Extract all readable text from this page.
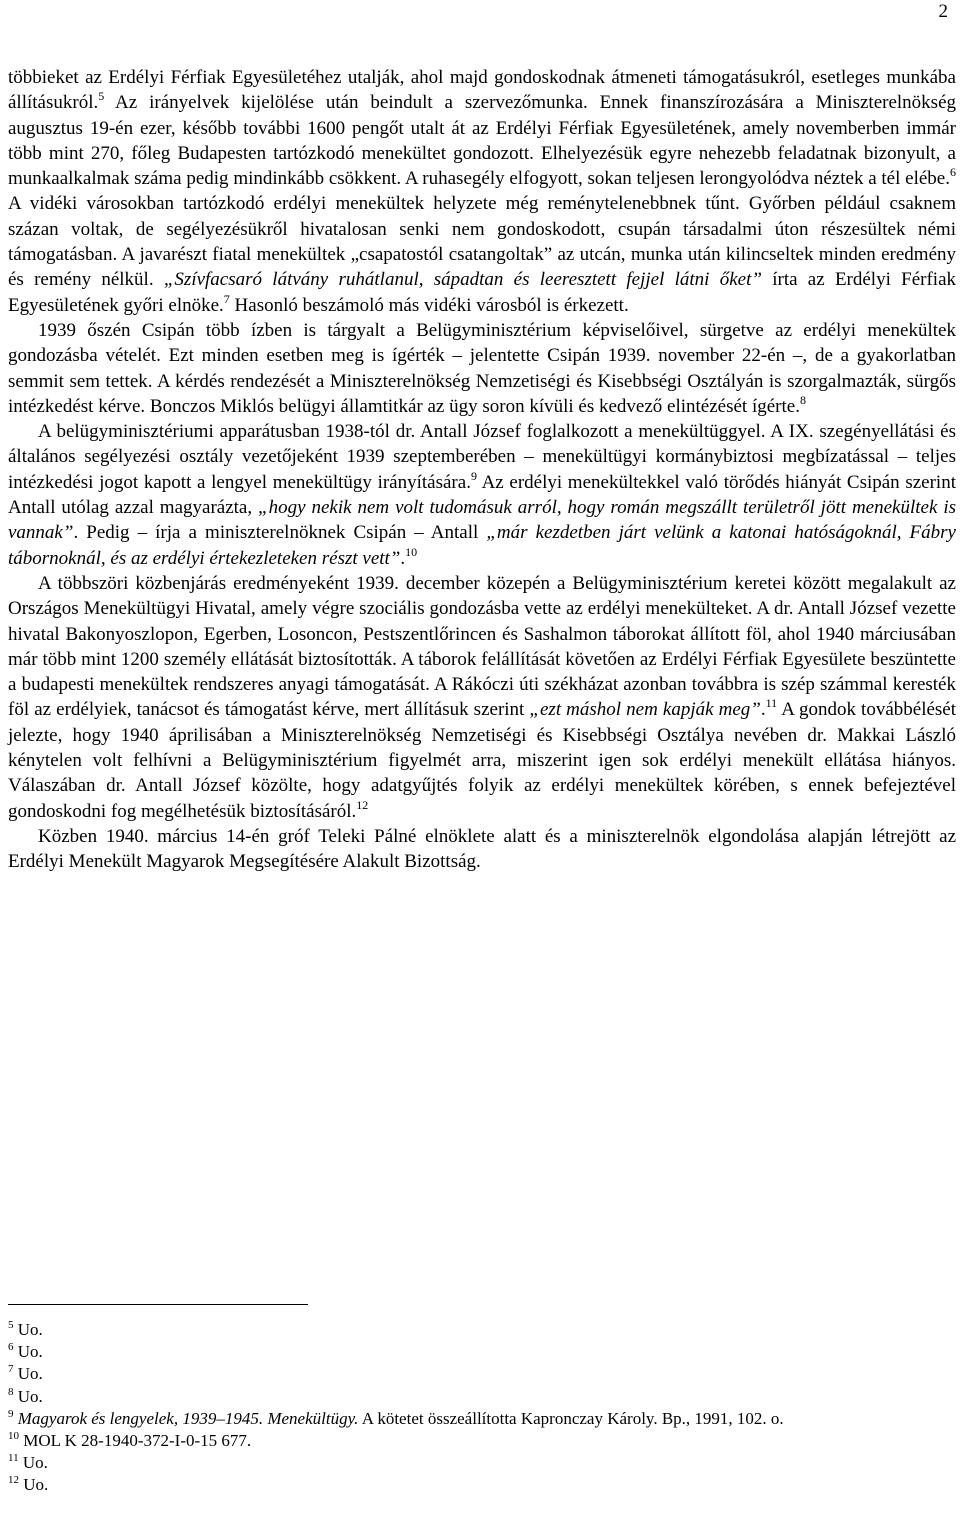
2

többieket az Erdélyi Férfiak Egyesületéhez utalják, ahol majd gondoskodnak átmeneti támogatásukról, esetleges munkába állításukról.$^5$ Az irányelvek kijelölése után beindult a szervezőmunka. Ennek finanszírozására a Miniszterelnökség augusztus 19-én ezer, később további 1600 pengőt utalt át az Erdélyi Férfiak Egyesületének, amely novemberben immár több mint 270, főleg Budapesten tartózkodó menekültet gondozott. Elhelyezésük egyre nehezebb feladatnak bizonyult, a munkaalkalmak száma pedig mindinkább csökkent. A ruhasegély elfogyott, sokan teljesen lerongyolódva néztek a tél elébe.$^6$ A vidéki városokban tartózkodó erdélyi menekültek helyzete még reménytelenebbnek tűnt. Győrben például csaknem százan voltak, de segélyezésükről hivatalosan senki nem gondoskodott, csupán társadalmi úton részesültek némi támogatásban. A javarészt fiatal menekültek „csapatostól csatangoltak” az utcán, munka után kilincseltek minden eredmény és remény nélkül. „Szívfacsaró látvány ruhátlanul, sápadtan és leeresztett fejjel látni őket” írta az Erdélyi Férfiak Egyesületének győri elnöke.$^7$ Hasonló beszámoló más vidéki városból is érkezett.

1939 őszén Csipán több ízben is tárgyalt a Belügyminisztérium képviselőivel, sürgetve az erdélyi menekültek gondozásba vételét. Ezt minden esetben meg is ígérték – jelentette Csipán 1939. november 22-én –, de a gyakorlatban semmit sem tettek. A kérdés rendezését a Miniszterelnökség Nemzetiségi és Kisebbségi Osztályán is szorgalmazták, sürgős intézkedést kérve. Bonczos Miklós belügyi államtitkár az ügy soron kívüli és kedvező elintézését ígérte.$^8$

A belügyminisztériumi apparátusban 1938-tól dr. Antall József foglalkozott a menekültüggyel. A IX. szegényellátási és általános segélyezési osztály vezetőjeként 1939 szeptemberében – menekültügyi kormánybiztosi megbízatással – teljes intézkedési jogot kapott a lengyel menekültügy irányítására.$^9$ Az erdélyi menekültekkel való törődés hiányát Csipán szerint Antall utólag azzal magyarázta, „hogy nekik nem volt tudomásuk arról, hogy román megszállt területről jött menekültek is vannak”. Pedig – írja a miniszterelnöknek Csipán – Antall „már kezdetben járt velünk a katonai hatóságoknál, Fábry tábornoknál, és az erdélyi értekezleteken részt vett”.$^{10}$

A többszöri közbenjárás eredményeként 1939. december közepén a Belügyminisztérium keretei között megalakult az Országos Menekültügyi Hivatal, amely végre szociális gondozásba vette az erdélyi menekülteket. A dr. Antall József vezette hivatal Bakonyoszlopon, Egerben, Losoncon, Pestszentlőrincen és Sashalmon táborokat állított föl, ahol 1940 márciusában már több mint 1200 személy ellátását biztosították. A táborok felállítását követően az Erdélyi Férfiak Egyesülete beszüntette a budapesti menekültek rendszeres anyagi támogatását. A Rákóczi úti székházat azonban továbbra is szép számmal keresték föl az erdélyiek, tanácsot és támogatást kérve, mert állításuk szerint „ezt máshol nem kapják meg”.$^{11}$ A gondok továbbélését jelezte, hogy 1940 áprilisában a Miniszterelnökség Nemzetiségi és Kisebbségi Osztálya nevében dr. Makkai László kénytelen volt felhívni a Belügyminisztérium figyelmét arra, miszerint igen sok erdélyi menekült ellátása hiányos. Válaszában dr. Antall József közölte, hogy adatgyűjtés folyik az erdélyi menekültek körében, s ennek befejeztével gondoskodni fog megélhetésük biztosításáról.$^{12}$

Közben 1940. március 14-én gróf Teleki Pálné elnöklete alatt és a miniszterelnök elgondolása alapján létrejött az Erdélyi Menekült Magyarok Megsegítésére Alakult Bizottság.

$^5$ Uo.

$^6$ Uo.

$^7$ Uo.

$^8$ Uo.

$^9$ Magyarok és lengyelek, 1939–1945. Menekültügy. A kötetet összeállította Kapronczay Károly. Bp., 1991, 102. o.

$^{10}$ MOL K 28-1940-372-I-0-15 677.

$^{11}$ Uo.

$^{12}$ Uo.
